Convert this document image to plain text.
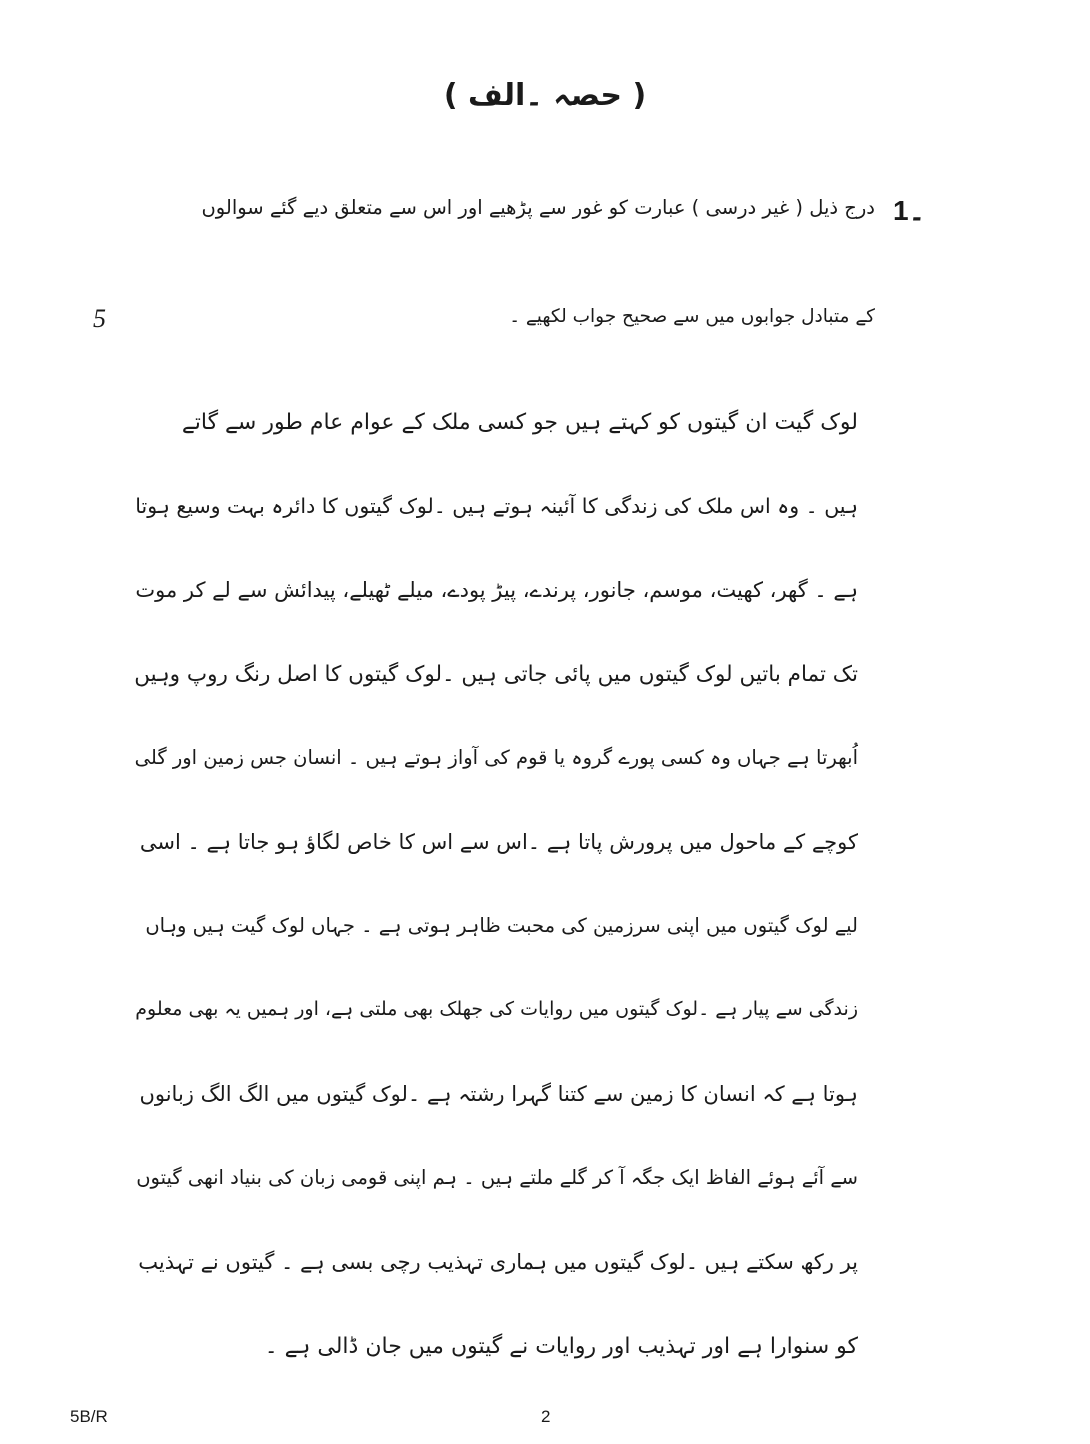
( حصہ ۔الف )
1۔
درج ذیل ( غیر درسی ) عبارت کو غور سے پڑھیے اور اس سے متعلق دیے گئے سوالوں
کے متبادل جوابوں میں سے صحیح جواب لکھیے ۔
5
لوک گیت ان گیتوں کو کہتے ہیں جو کسی ملک کے عوام عام طور سے گاتے
ہیں ۔ وہ اس ملک کی زندگی کا آئینہ ہوتے ہیں ۔لوک گیتوں کا دائرہ بہت وسیع ہوتا
ہے ۔ گھر، کھیت، موسم، جانور، پرندے، پیڑ پودے، میلے ٹھیلے، پیدائش سے لے کر موت
تک تمام باتیں لوک گیتوں میں پائی جاتی ہیں ۔لوک گیتوں کا اصل رنگ روپ وہیں
اُبھرتا ہے جہاں وہ کسی پورے گروہ یا قوم کی آواز ہوتے ہیں ۔ انسان جس زمین اور گلی
کوچے کے ماحول میں پرورش پاتا ہے ۔اس سے اس کا خاص لگاؤ ہو جاتا ہے ۔ اسی
لیے لوک گیتوں میں اپنی سرزمین کی محبت ظاہر ہوتی ہے ۔ جہاں لوک گیت ہیں وہاں
زندگی سے پیار ہے ۔لوک گیتوں میں روایات کی جھلک بھی ملتی ہے، اور ہمیں یہ بھی معلوم
ہوتا ہے کہ انسان کا زمین سے کتنا گہرا رشتہ ہے ۔لوک گیتوں میں الگ الگ زبانوں
سے آئے ہوئے الفاظ ایک جگہ آ کر گلے ملتے ہیں ۔ ہم اپنی قومی زبان کی بنیاد انھی گیتوں
پر رکھ سکتے ہیں ۔لوک گیتوں میں ہماری تہذیب رچی بسی ہے ۔ گیتوں نے تہذیب
کو سنوارا ہے اور تہذیب اور روایات نے گیتوں میں جان ڈالی ہے ۔
5B/R	2
